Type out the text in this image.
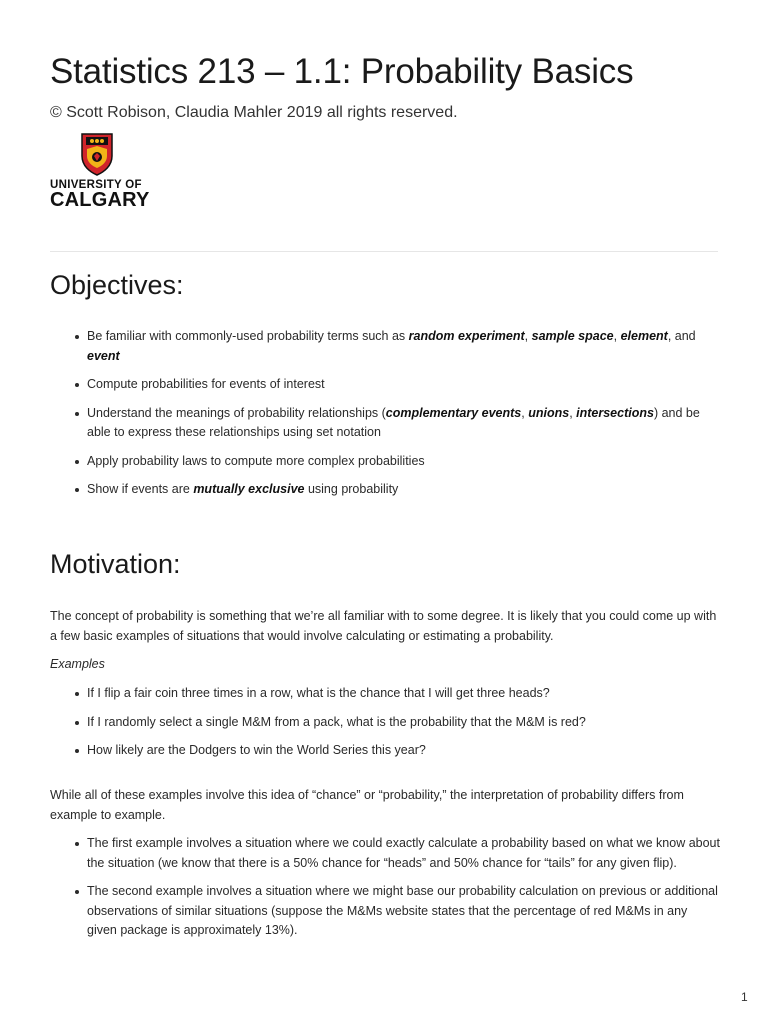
Statistics 213 – 1.1: Probability Basics
© Scott Robison, Claudia Mahler 2019 all rights reserved.
UNIVERSITY OF
CALGARY
Objectives:
Be familiar with commonly-used probability terms such as random experiment, sample space, element, and event
Compute probabilities for events of interest
Understand the meanings of probability relationships (complementary events, unions, intersections) and be able to express these relationships using set notation
Apply probability laws to compute more complex probabilities
Show if events are mutually exclusive using probability
Motivation:

The concept of probability is something that we’re all familiar with to some degree. It is likely that you could come up with a few basic examples of situations that would involve calculating or estimating a probability.

Examples

If I flip a fair coin three times in a row, what is the chance that I will get three heads?
If I randomly select a single M&M from a pack, what is the probability that the M&M is red?
How likely are the Dodgers to win the World Series this year?

While all of these examples involve this idea of “chance” or “probability,” the interpretation of probability differs from example to example.

The first example involves a situation where we could exactly calculate a probability based on what we know about the situation (we know that there is a 50% chance for “heads” and 50% chance for “tails” for any given flip).
The second example involves a situation where we might base our probability calculation on previous or additional observations of similar situations (suppose the M&Ms website states that the percentage of red M&Ms in any given package is approximately 13%).
1
